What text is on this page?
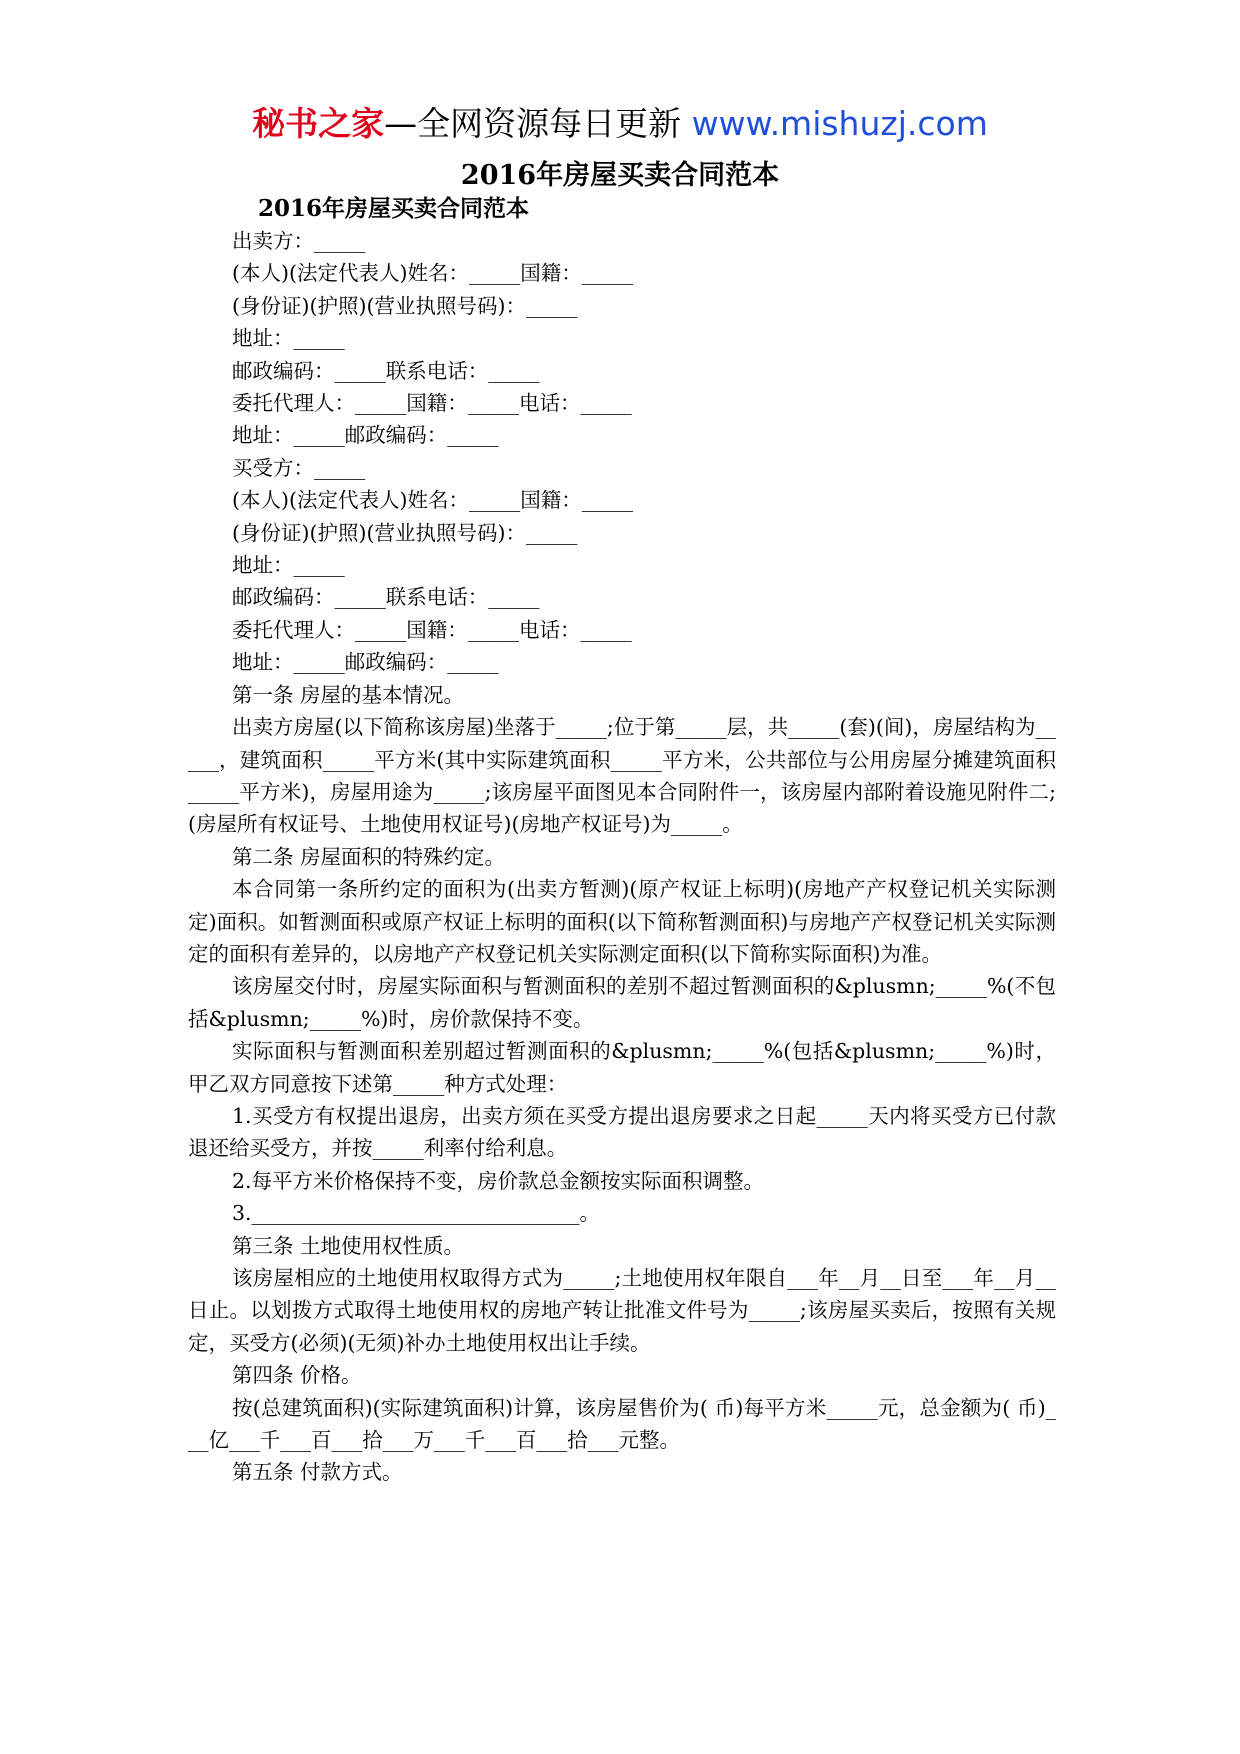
秘书之家—全网资源每日更新 www.mishuzj.com
2016年房屋买卖合同范本
2016年房屋买卖合同范本

出卖方：_____

(本人)(法定代表人)姓名：_____国籍：_____

(身份证)(护照)(营业执照号码)：_____

地址：_____

邮政编码：_____联系电话：_____

委托代理人：_____国籍：_____电话：_____

地址：_____邮政编码：_____

买受方：_____

(本人)(法定代表人)姓名：_____国籍：_____

(身份证)(护照)(营业执照号码)：_____

地址：_____

邮政编码：_____联系电话：_____

委托代理人：_____国籍：_____电话：_____

地址：_____邮政编码：_____

第一条 房屋的基本情况。

出卖方房屋(以下简称该房屋)坐落于_____;位于第_____层，共_____(套)(间)，房屋结构为_____，建筑面积_____平方米(其中实际建筑面积_____平方米，公共部位与公用房屋分摊建筑面积_____平方米)，房屋用途为_____;该房屋平面图见本合同附件一，该房屋内部附着设施见附件二;(房屋所有权证号、土地使用权证号)(房地产权证号)为_____。

第二条 房屋面积的特殊约定。

本合同第一条所约定的面积为(出卖方暂测)(原产权证上标明)(房地产产权登记机关实际测定)面积。如暂测面积或原产权证上标明的面积(以下简称暂测面积)与房地产产权登记机关实际测定的面积有差异的，以房地产产权登记机关实际测定面积(以下简称实际面积)为准。

该房屋交付时，房屋实际面积与暂测面积的差别不超过暂测面积的&plusmn;_____%(不包括&plusmn;_____%)时，房价款保持不变。

实际面积与暂测面积差别超过暂测面积的&plusmn;_____%(包括&plusmn;_____%)时，甲乙双方同意按下述第_____种方式处理：

1.买受方有权提出退房，出卖方须在买受方提出退房要求之日起_____天内将买受方已付款退还给买受方，并按_____利率付给利息。

2.每平方米价格保持不变，房价款总金额按实际面积调整。

3.________________________________。

第三条 土地使用权性质。

该房屋相应的土地使用权取得方式为_____;土地使用权年限自___年__月__日至___年__月__日止。以划拨方式取得土地使用权的房地产转让批准文件号为_____;该房屋买卖后，按照有关规定，买受方(必须)(无须)补办土地使用权出让手续。

第四条 价格。

按(总建筑面积)(实际建筑面积)计算，该房屋售价为( 币)每平方米_____元，总金额为( 币)___亿___千___百___拾___万___千___百___拾___元整。

第五条 付款方式。
